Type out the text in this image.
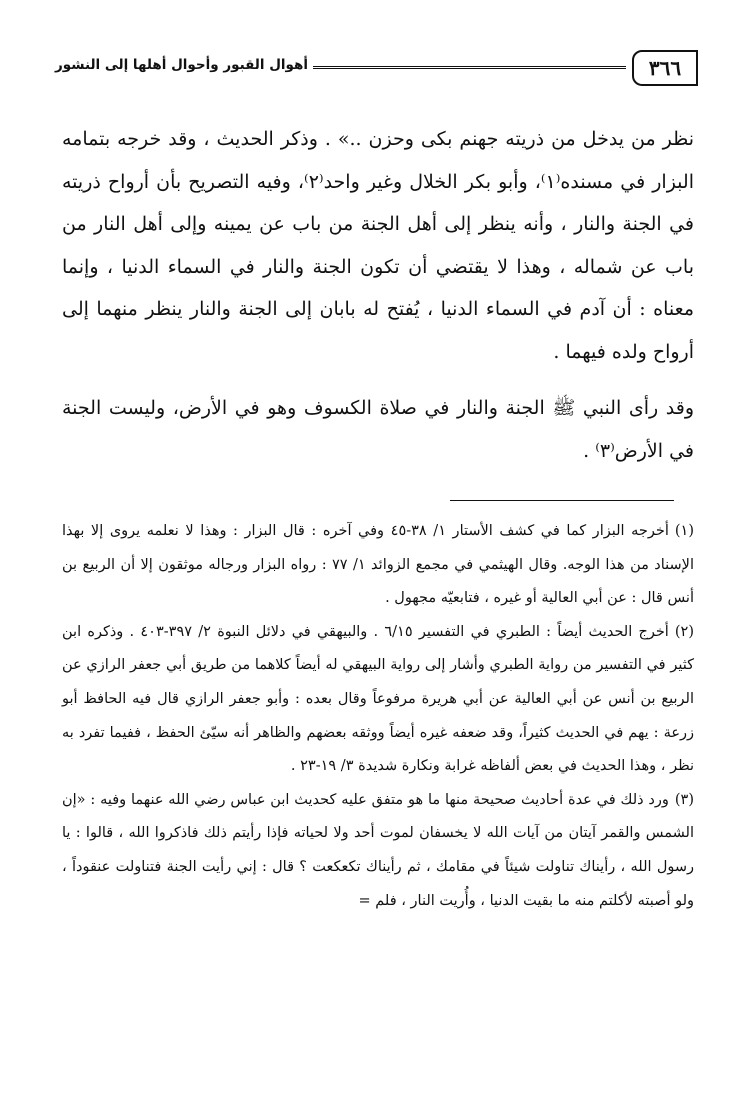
٣٦٦
أهوال القبور وأحوال أهلها إلى النشور

نظر من يدخل من ذريته جهنم بكى وحزن ..» . وذكر الحديث ، وقد خرجه بتمامه البزار في مسنده⁽١⁾، وأبو بكر الخلال وغير واحد⁽٢⁾، وفيه التصريح بأن أرواح ذريته في الجنة والنار ، وأنه ينظر إلى أهل الجنة من باب عن يمينه وإلى أهل النار من باب عن شماله ، وهذا لا يقتضي أن تكون الجنة والنار في السماء الدنيا ، وإنما معناه : أن آدم في السماء الدنيا ، يُفتح له بابان إلى الجنة والنار ينظر منهما إلى أرواح ولده فيهما .

وقد رأى النبي ﷺ الجنة والنار في صلاة الكسوف وهو في الأرض، وليست الجنة في الأرض⁽٣⁾ .

(١)أخرجه البزار كما في كشف الأستار ١/ ٣٨-٤٥ وفي آخره : قال البزار : وهذا لا نعلمه يروى إلا بهذا الإسناد من هذا الوجه. وقال الهيثمي في مجمع الزوائد ١/ ٧٧ : رواه البزار ورجاله موثقون إلا أن الربيع بن أنس قال : عن أبي العالية أو غيره ، فتابعيّه مجهول .

(٢)أخرج الحديث أيضاً : الطبري في التفسير ٦/١٥ . والبيهقي في دلائل النبوة ٢/ ٣٩٧-٤٠٣ . وذكره ابن كثير في التفسير من رواية الطبري وأشار إلى رواية البيهقي له أيضاً كلاهما من طريق أبي جعفر الرازي عن الربيع بن أنس عن أبي العالية عن أبي هريرة مرفوعاً وقال بعده : وأبو جعفر الرازي قال فيه الحافظ أبو زرعة : يهم في الحديث كثيراً، وقد ضعفه غيره أيضاً ووثقه بعضهم والظاهر أنه سيّئ الحفظ ، ففيما تفرد به نظر ، وهذا الحديث في بعض ألفاظه غرابة ونكارة شديدة ٣/ ١٩-٢٣ .

(٣)ورد ذلك في عدة أحاديث صحيحة منها ما هو متفق عليه كحديث ابن عباس رضي الله عنهما وفيه : «إن الشمس والقمر آيتان من آيات الله لا يخسفان لموت أحد ولا لحياته فإذا رأيتم ذلك فاذكروا الله ، قالوا : يا رسول الله ، رأيناك تناولت شيئاً في مقامك ، ثم رأيناك تكعكعت ؟ قال : إني رأيت الجنة فتناولت عنقوداً ، ولو أصبته لأكلتم منه ما بقيت الدنيا ، وأُريت النار ، فلم =
